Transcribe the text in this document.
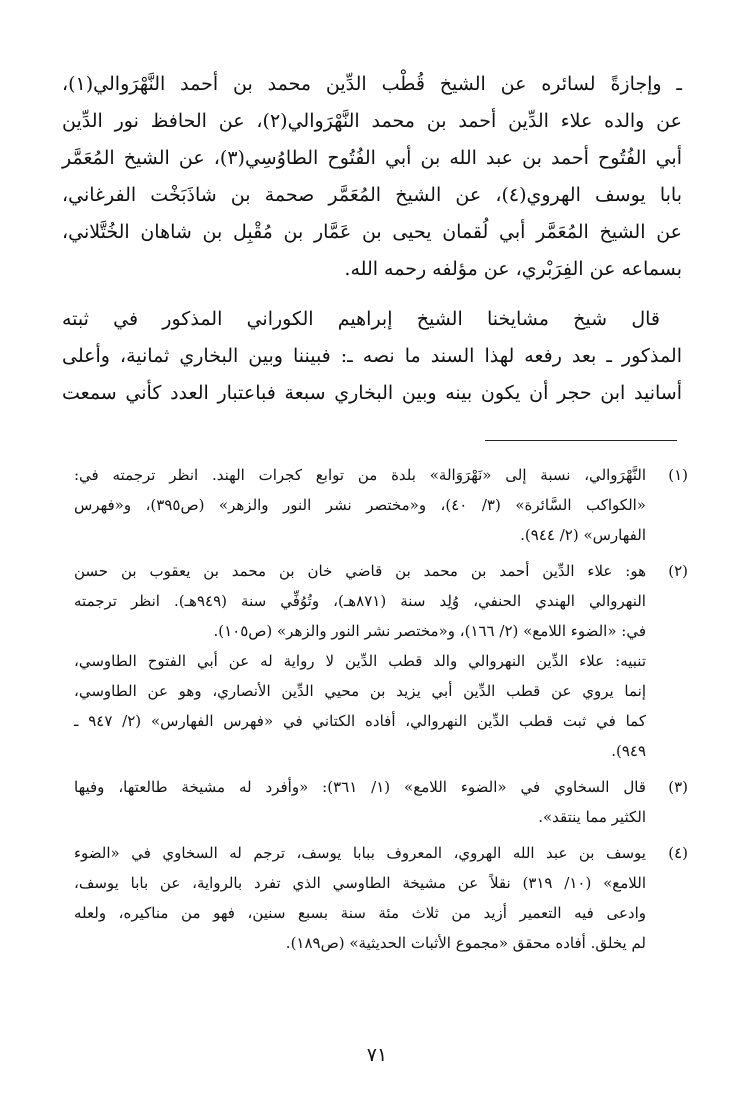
ـ وإجازةً لسائره عن الشيخ قُطْب الدِّين محمد بن أحمد النَّهْرَوالي(١)،
عن والده علاء الدِّين أحمد بن محمد النَّهْرَوالي(٢)، عن الحافظ نور الدِّين
أبي الفُتُوح أحمد بن عبد الله بن أبي الفُتُوح الطاوُسِي(٣)، عن الشيخ المُعَمَّر
بابا يوسف الهروي(٤)، عن الشيخ المُعَمَّر صحمة بن شاذَبَخْت الفرغاني،
عن الشيخ المُعَمَّر أبي لُقمان يحيى بن عَمَّار بن مُقْبِل بن شاهان الخُتَّلاني،
بسماعه عن الفِرَبْري، عن مؤلفه رحمه الله.
قال شيخ مشايخنا الشيخ إبراهيم الكوراني المذكور في ثبته
المذكور ـ بعد رفعه لهذا السند ما نصه ـ: فبيننا وبين البخاري ثمانية، وأعلى
أسانيد ابن حجر أن يكون بينه وبين البخاري سبعة فباعتبار العدد كأني سمعت
(١)
النَّهْرَوالي، نسبة إلى «نَهْرَوَالة» بلدة من توابع كجرات الهند. انظر ترجمته في:
«الكواكب السَّائرة» (٣/ ٤٠)، و«مختصر نشر النور والزهر» (ص٣٩٥)، و«فهرس
الفهارس» (٢/ ٩٤٤).
(٢)
هو: علاء الدِّين أحمد بن محمد بن قاضي خان بن محمد بن يعقوب بن حسن
النهروالي الهندي الحنفي، وُلِد سنة (٨٧١هـ)، وتُوُفِّي سنة (٩٤٩هـ). انظر ترجمته
في: «الضوء اللامع» (٢/ ١٦٦)، و«مختصر نشر النور والزهر» (ص١٠٥).
تنبيه: علاء الدِّين النهروالي والد قطب الدِّين لا رواية له عن أبي الفتوح الطاوسي،
إنما يروي عن قطب الدِّين أبي يزيد بن محيي الدِّين الأنصاري، وهو عن الطاوسي،
كما في ثبت قطب الدِّين النهروالي، أفاده الكتاني في «فهرس الفهارس» (٢/ ٩٤٧ ـ
٩٤٩).
(٣)
قال السخاوي في «الضوء اللامع» (١/ ٣٦١): «وأفرد له مشيخة طالعتها، وفيها
الكثير مما ينتقد».
(٤)
يوسف بن عبد الله الهروي، المعروف ببابا يوسف، ترجم له السخاوي في «الضوء
اللامع» (١٠/ ٣١٩) نقلاً عن مشيخة الطاوسي الذي تفرد بالرواية، عن بابا يوسف،
وادعى فيه التعمير أزيد من ثلاث مئة سنة بسبع سنين، فهو من مناكيره، ولعله
لم يخلق. أفاده محقق «مجموع الأثبات الحديثية» (ص١٨٩).
٧١
